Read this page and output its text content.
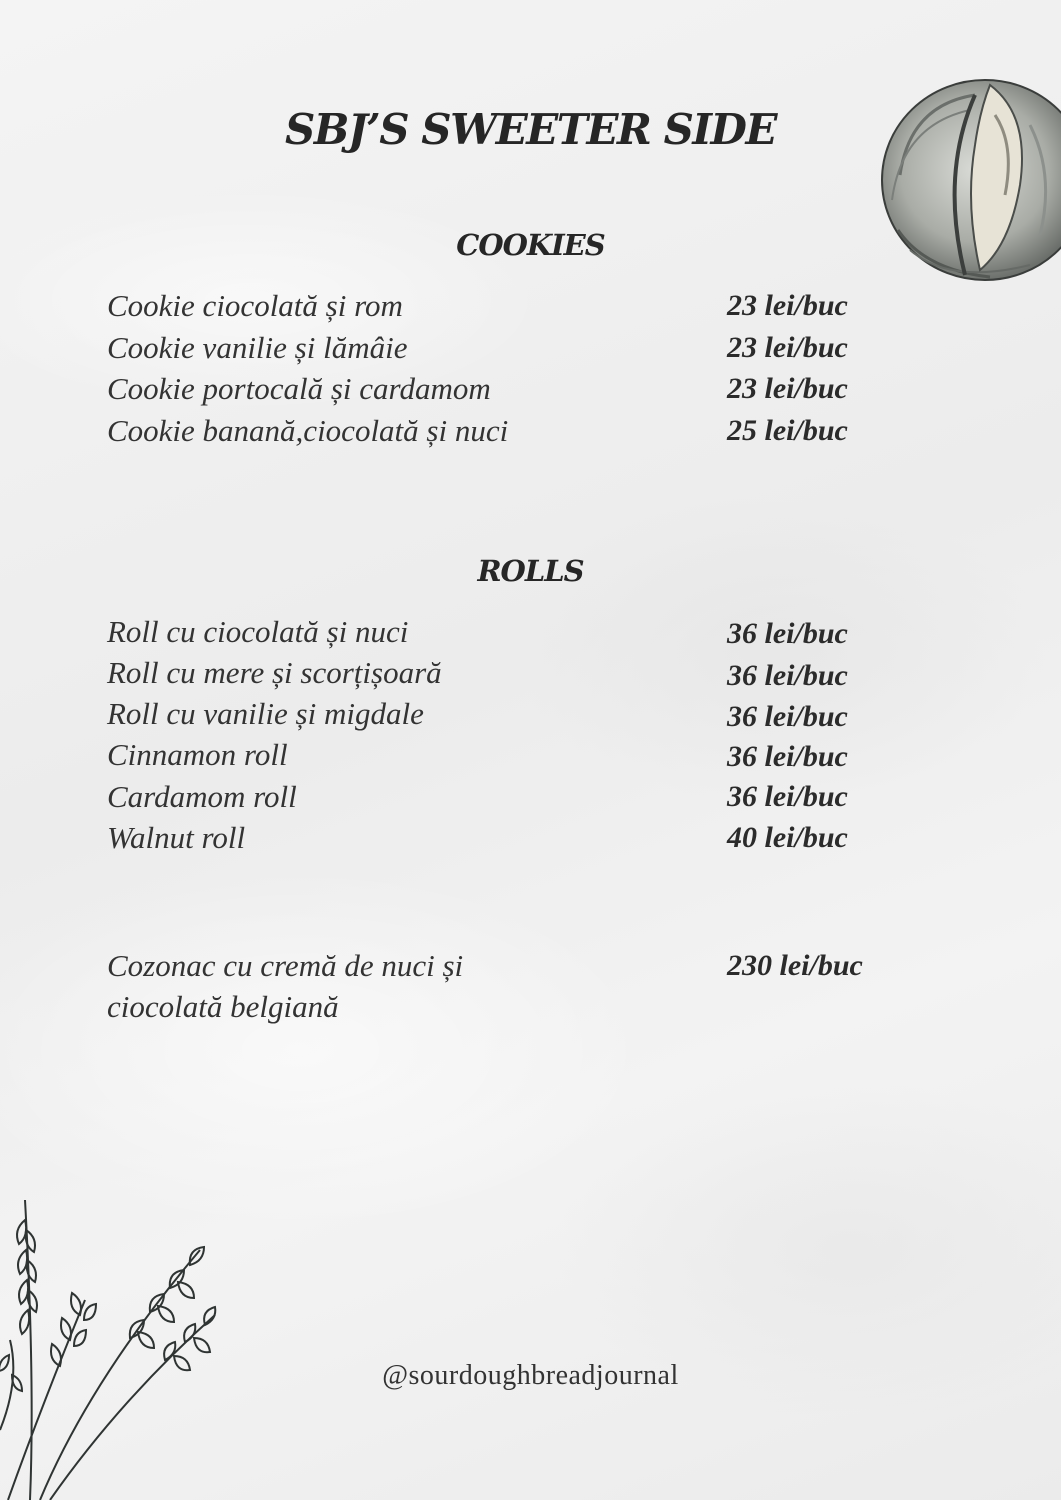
SBJ’S SWEETER SIDE
COOKIES
Cookie ciocolată și rom	23 lei/buc
Cookie vanilie și lămâie	23 lei/buc
Cookie portocală și cardamom	23 lei/buc
Cookie banană,ciocolată și nuci	25 lei/buc
ROLLS
Roll cu ciocolată și nuci	36 lei/buc
Roll cu mere și scorțișoară	36 lei/buc
Roll cu vanilie și migdale	36 lei/buc
Cinnamon roll	36 lei/buc
Cardamom roll	36 lei/buc
Walnut roll	40 lei/buc
Cozonac cu cremă de nuci și
ciocolată belgiană
230 lei/buc
@sourdoughbreadjournal
